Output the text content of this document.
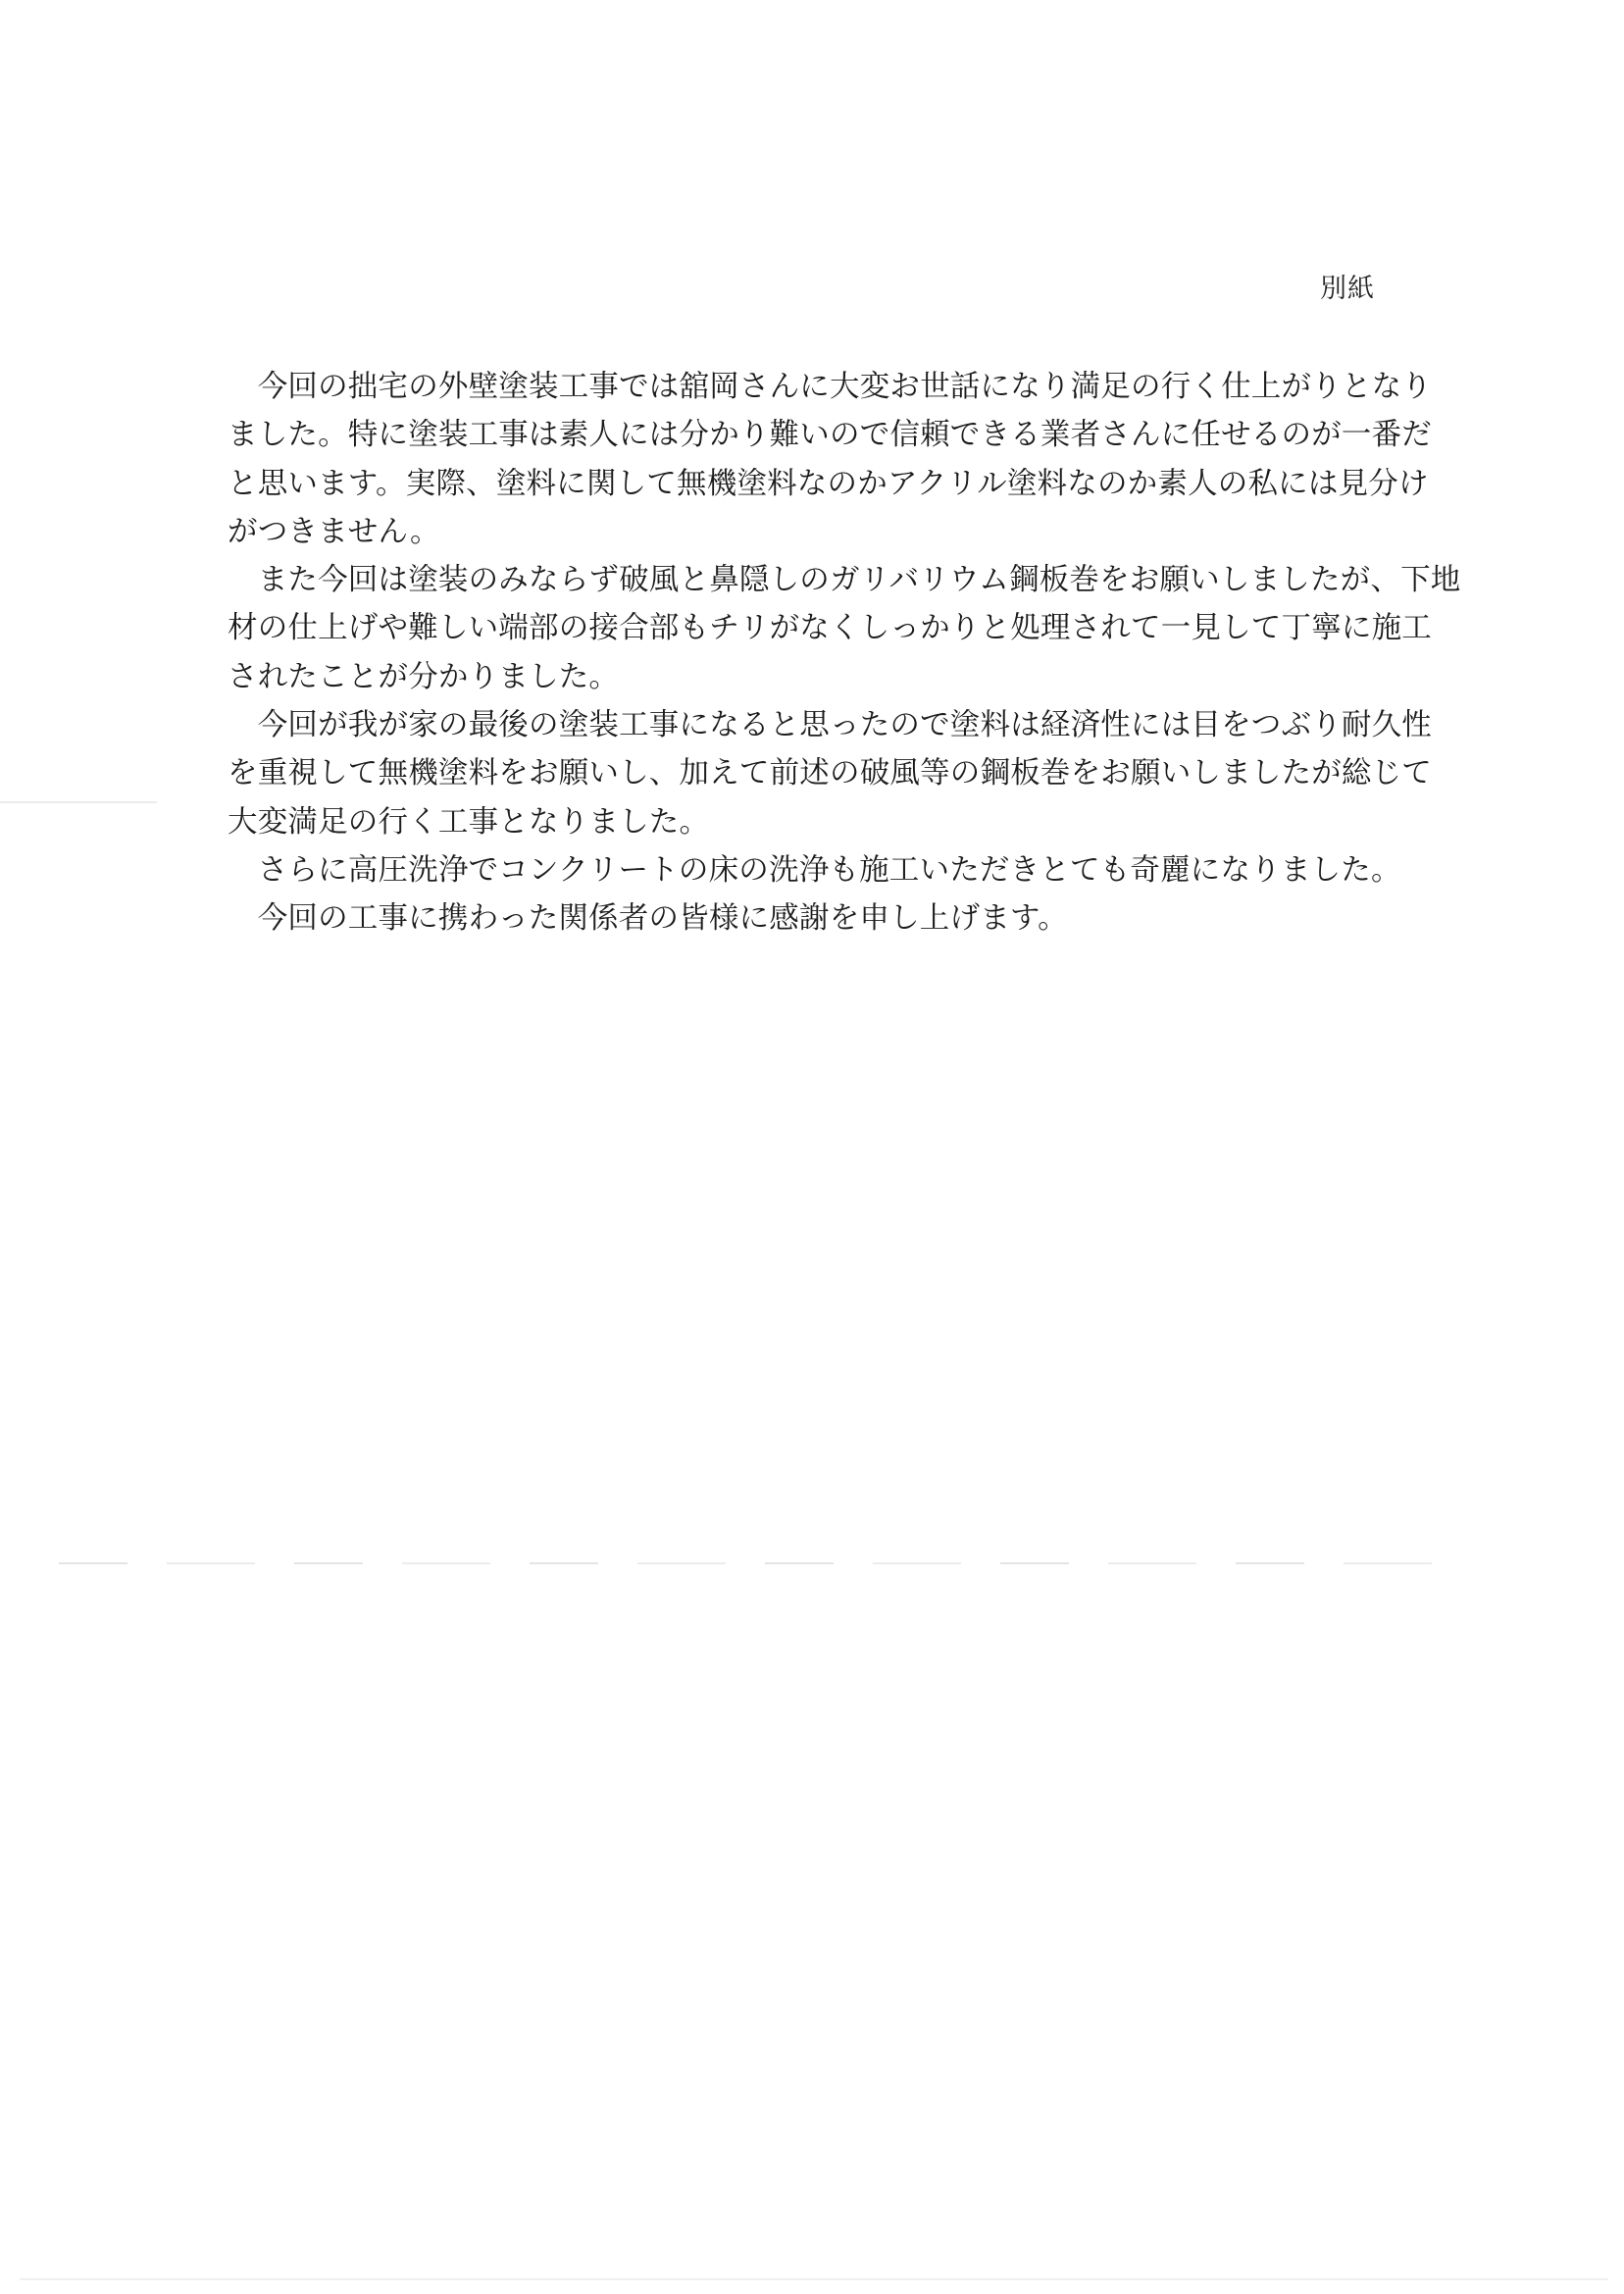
別紙
　今回の拙宅の外壁塗装工事では舘岡さんに大変お世話になり満足の行く仕上がりとなり
ました。特に塗装工事は素人には分かり難いので信頼できる業者さんに任せるのが一番だ
と思います。実際、塗料に関して無機塗料なのかアクリル塗料なのか素人の私には見分け
がつきません。
　また今回は塗装のみならず破風と鼻隠しのガリバリウム鋼板巻をお願いしましたが、下地
材の仕上げや難しい端部の接合部もチリがなくしっかりと処理されて一見して丁寧に施工
されたことが分かりました。
　今回が我が家の最後の塗装工事になると思ったので塗料は経済性には目をつぶり耐久性
を重視して無機塗料をお願いし、加えて前述の破風等の鋼板巻をお願いしましたが総じて
大変満足の行く工事となりました。
　さらに高圧洗浄でコンクリートの床の洗浄も施工いただきとても奇麗になりました。
　今回の工事に携わった関係者の皆様に感謝を申し上げます。
